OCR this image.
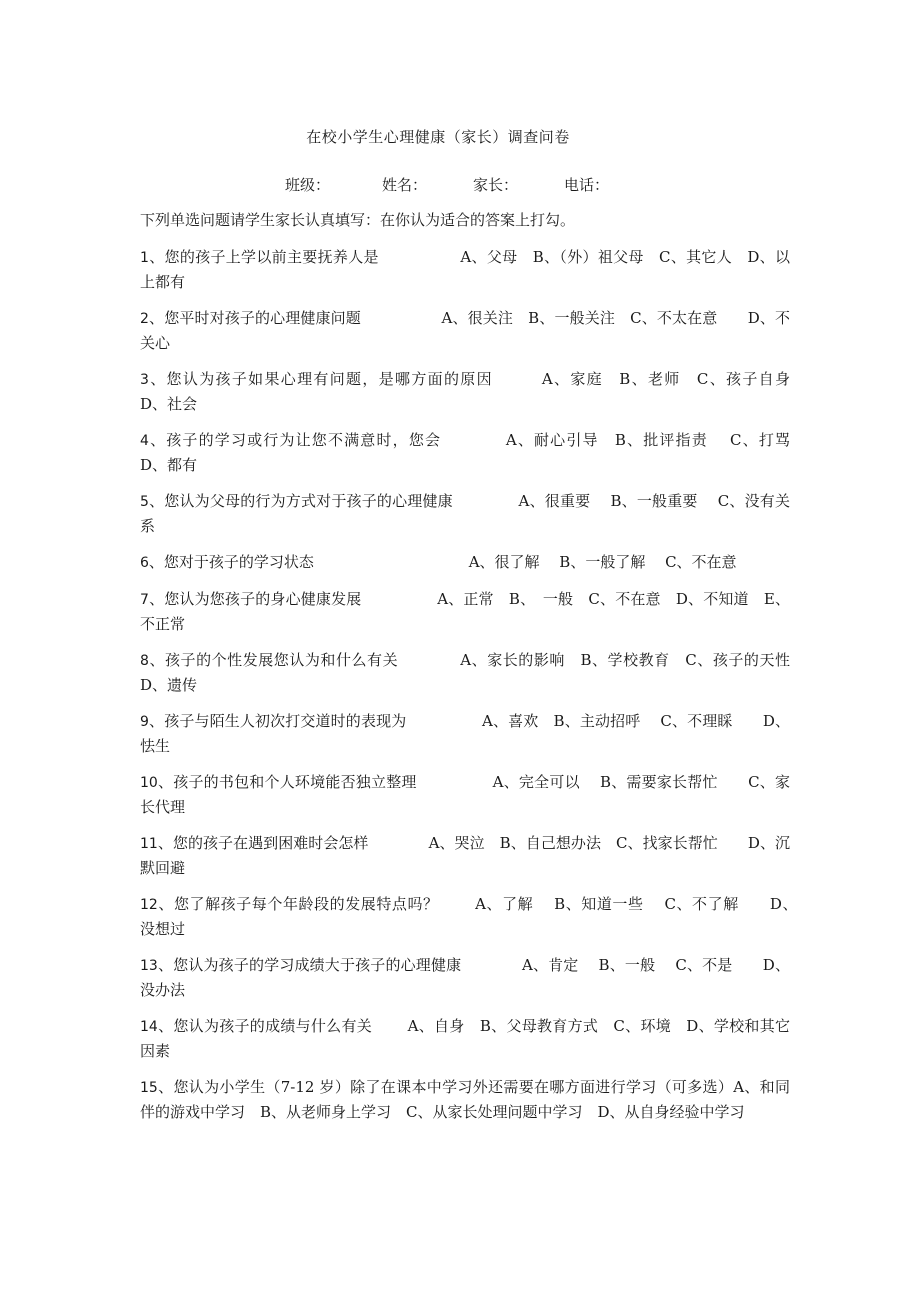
在校小学生心理健康（家长）调查问卷
班级：	姓名：	家长：	电话：
下列单选问题请学生家长认真填写：在你认为适合的答案上打勾。

1、您的孩子上学以前主要抚养人是　　　　　 A、父母　B、（外）祖父母　C、其它人　D、以上都有

2、您平时对孩子的心理健康问题　　　　　 A、很关注　B、一般关注　C、不太在意　　D、不关心

3、您认为孩子如果心理有问题，是哪方面的原因　　　A、家庭　B、老师　C、孩子自身　　D、社会

4、孩子的学习或行为让您不满意时，您会　　　　A、耐心引导　B、批评指责　 C、打骂　　D、都有

5、您认为父母的行为方式对于孩子的心理健康　　　　 A、很重要　 B、一般重要　 C、没有关系

6、您对于孩子的学习状态　　　　　　　　　　 A、很了解　 B、一般了解　 C、不在意

7、您认为您孩子的身心健康发展　　　　　A、正常　B、　一般　C、不在意　D、不知道　E、不正常

8、孩子的个性发展您认为和什么有关　　　　A、家长的影响　B、学校教育　C、孩子的天性　D、遗传

9、孩子与陌生人初次打交道时的表现为　　　　　A、喜欢　B、主动招呼　 C、不理睬　　D、怯生

10、孩子的书包和个人环境能否独立整理　　　　　A、完全可以　 B、需要家长帮忙　　C、家长代理

11、您的孩子在遇到困难时会怎样　　　　A、哭泣　B、自己想办法　C、找家长帮忙　　D、沉默回避

12、您了解孩子每个年龄段的发展特点吗？　　 A、了解　 B、知道一些　 C、不了解　　D、　没想过

13、您认为孩子的学习成绩大于孩子的心理健康　　　　A、肯定　 B、一般　 C、不是　　D、没办法

14、您认为孩子的成绩与什么有关　　 A、自身　B、父母教育方式　C、环境　D、学校和其它因素

15、您认为小学生（7-12 岁）除了在课本中学习外还需要在哪方面进行学习（可多选）A、和同伴的游戏中学习　B、从老师身上学习　C、从家长处理问题中学习　D、从自身经验中学习
